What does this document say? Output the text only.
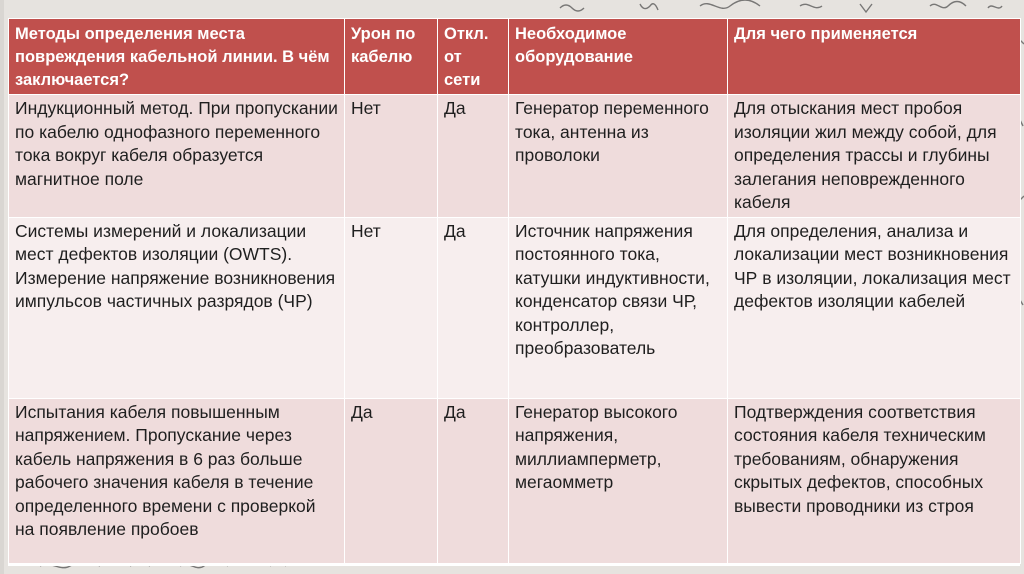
Методы определения места повреждения кабельной линии. В чём заключается?	Урон по кабелю	Откл. от сети	Необходимое оборудование	Для чего применяется
Индукционный метод. При пропускании по кабелю однофазного переменного тока вокруг кабеля образуется магнитное поле	Нет	Да	Генератор переменного тока, антенна из проволоки	Для отыскания мест пробоя изоляции жил между собой, для определения трассы и глубины залегания неповрежденного кабеля
Системы измерений и локализации мест дефектов изоляции (OWTS). Измерение напряжение возникновения импульсов частичных разрядов (ЧР)	Нет	Да	Источник напряжения постоянного тока, катушки индуктивности, конденсатор связи ЧР, контроллер, преобразователь	Для определения, анализа и локализации мест возникновения ЧР в изоляции, локализация мест дефектов изоляции кабелей
Испытания кабеля повышенным напряжением. Пропускание через кабель напряжения в 6 раз больше рабочего значения кабеля в течение определенного времени с проверкой на появление пробоев	Да	Да	Генератор высокого напряжения, миллиамперметр, мегаомметр	Подтверждения соответствия состояния кабеля техническим требованиям, обнаружения скрытых дефектов, способных вывести проводники из строя
